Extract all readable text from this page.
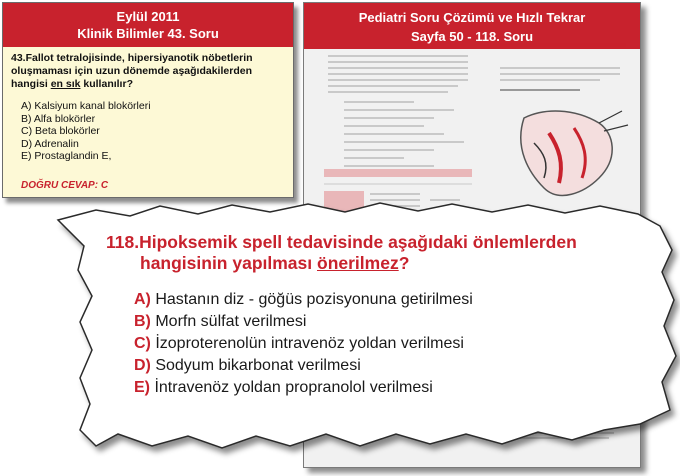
Eylül 2011
Klinik Bilimler 43. Soru
43.Fallot tetralojisinde, hipersiyanotik nöbetlerin oluşmaması için uzun dönemde aşağıdakilerden hangisi en sık kullanılır?
A) Kalsiyum kanal blokörleri
B) Alfa blokörler
C) Beta blokörler
D) Adrenalin
E) Prostaglandin E,
DOĞRU CEVAP: C
Pediatri Soru Çözümü ve Hızlı Tekrar
Sayfa 50 - 118. Soru
118.Hipoksemik spell tedavisinde aşağıdaki önlemlerden
hangisinin yapılması önerilmez?
A) Hastanın diz - göğüs pozisyonuna getirilmesi
B) Morfn sülfat verilmesi
C) İzoproterenolün intravenöz yoldan verilmesi
D) Sodyum bikarbonat verilmesi
E) İntravenöz yoldan propranolol verilmesi
